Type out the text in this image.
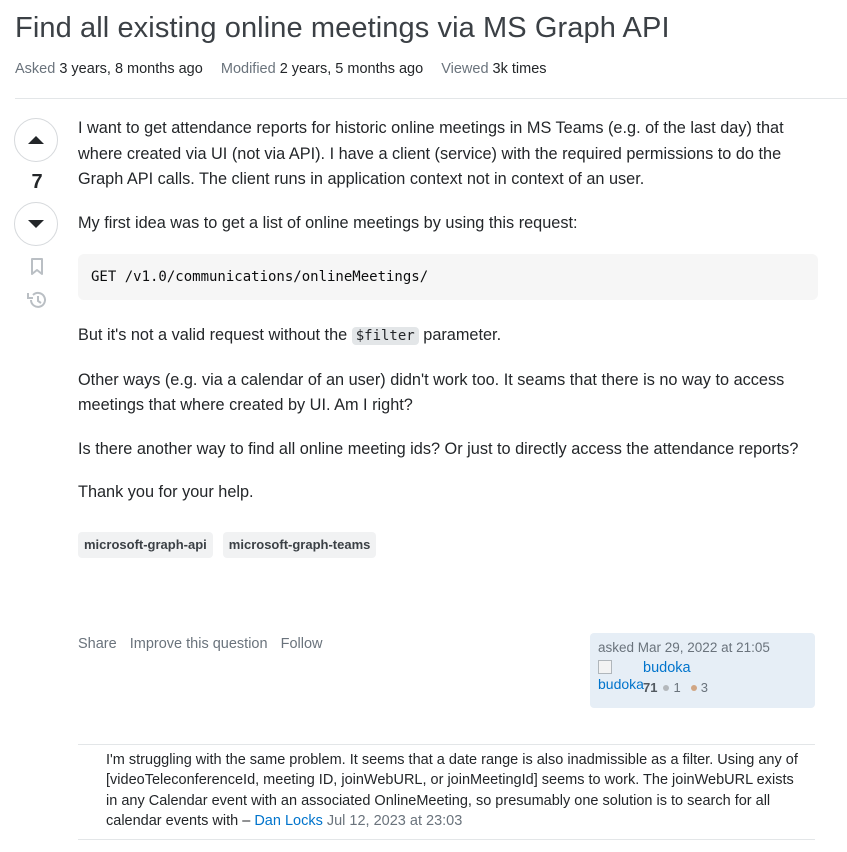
Find all existing online meetings via MS Graph API
Asked 3 years, 8 months ago Modified 2 years, 5 months ago Viewed 3k times
7

I want to get attendance reports for historic online meetings in MS Teams (e.g. of the last day) that where created via UI (not via API). I have a client (service) with the required permissions to do the Graph API calls. The client runs in application context not in context of an user.

My first idea was to get a list of online meetings by using this request:

GET /v1.0/communications/onlineMeetings/

But it's not a valid request without the $filter parameter.

Other ways (e.g. via a calendar of an user) didn't work too. It seams that there is no way to access meetings that where created by UI. Am I right?

Is there another way to find all online meeting ids? Or just to directly access the attendance reports?

Thank you for your help.

microsoft-graph-api	microsoft-graph-teams
Share Improve this question Follow	asked Mar 29, 2022 at 21:05
budoka
budoka
71 1 3
I'm struggling with the same problem. It seems that a date range is also inadmissible as a filter. Using any of [videoTeleconferenceId, meeting ID, joinWebURL, or joinMeetingId] seems to work. The joinWebURL exists in any Calendar event with an associated OnlineMeeting, so presumably one solution is to search for all calendar events with – Dan Locks Jul 12, 2023 at 23:03
